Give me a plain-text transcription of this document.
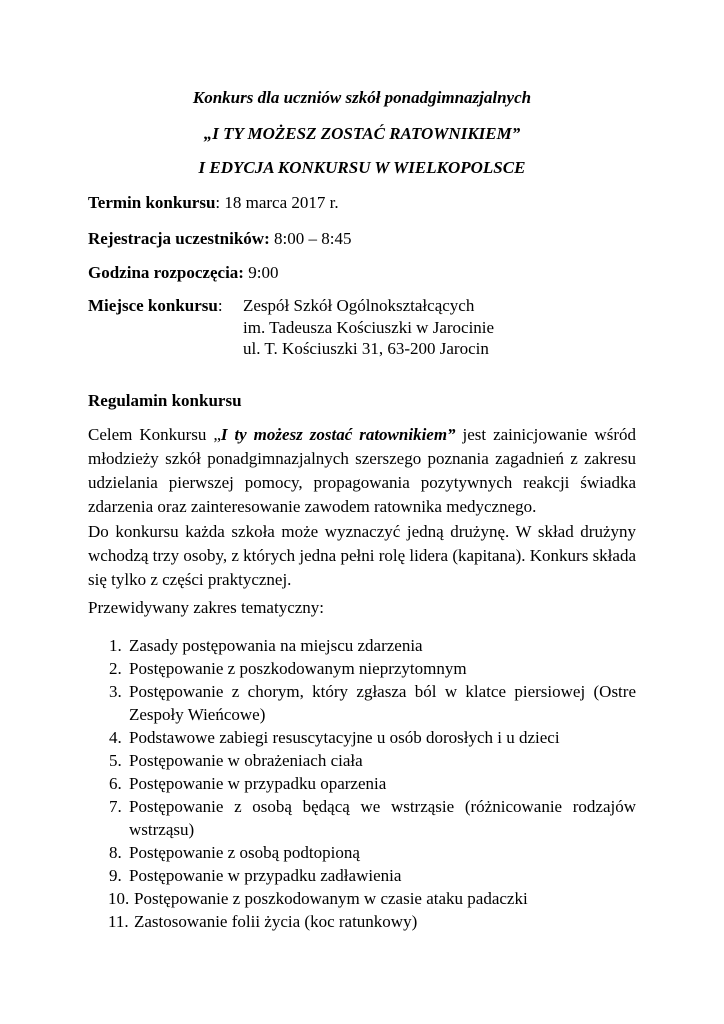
Konkurs dla uczniów szkół ponadgimnazjalnych
„I TY MOŻESZ ZOSTAĆ RATOWNIKIEM”
I EDYCJA KONKURSU W WIELKOPOLSCE
Termin konkursu: 18 marca 2017 r.
Rejestracja uczestników: 8:00 – 8:45
Godzina rozpoczęcia: 9:00
Miejsce konkursu: Zespół Szkół Ogólnokształcących
im. Tadeusza Kościuszki w Jarocinie
ul. T. Kościuszki 31, 63-200 Jarocin
Regulamin konkursu
Celem Konkursu „I ty możesz zostać ratownikiem” jest zainicjowanie wśród
młodzieży szkół ponadgimnazjalnych szerszego poznania zagadnień z zakresu
udzielania pierwszej pomocy, propagowania pozytywnych reakcji świadka
zdarzenia oraz zainteresowanie zawodem ratownika medycznego.
Do konkursu każda szkoła może wyznaczyć jedną drużynę. W skład drużyny
wchodzą trzy osoby, z których jedna pełni rolę lidera (kapitana). Konkurs składa
się tylko z części praktycznej.
Przewidywany zakres tematyczny:
1. Zasady postępowania na miejscu zdarzenia
2. Postępowanie z poszkodowanym nieprzytomnym
3. Postępowanie z chorym, który zgłasza ból w klatce piersiowej (Ostre
Zespoły Wieńcowe)
4. Podstawowe zabiegi resuscytacyjne u osób dorosłych i u dzieci
5. Postępowanie w obrażeniach ciała
6. Postępowanie w przypadku oparzenia
7. Postępowanie z osobą będącą we wstrząsie (różnicowanie rodzajów
wstrząsu)
8. Postępowanie z osobą podtopioną
9. Postępowanie w przypadku zadławienia
10. Postępowanie z poszkodowanym w czasie ataku padaczki
11. Zastosowanie folii życia (koc ratunkowy)
